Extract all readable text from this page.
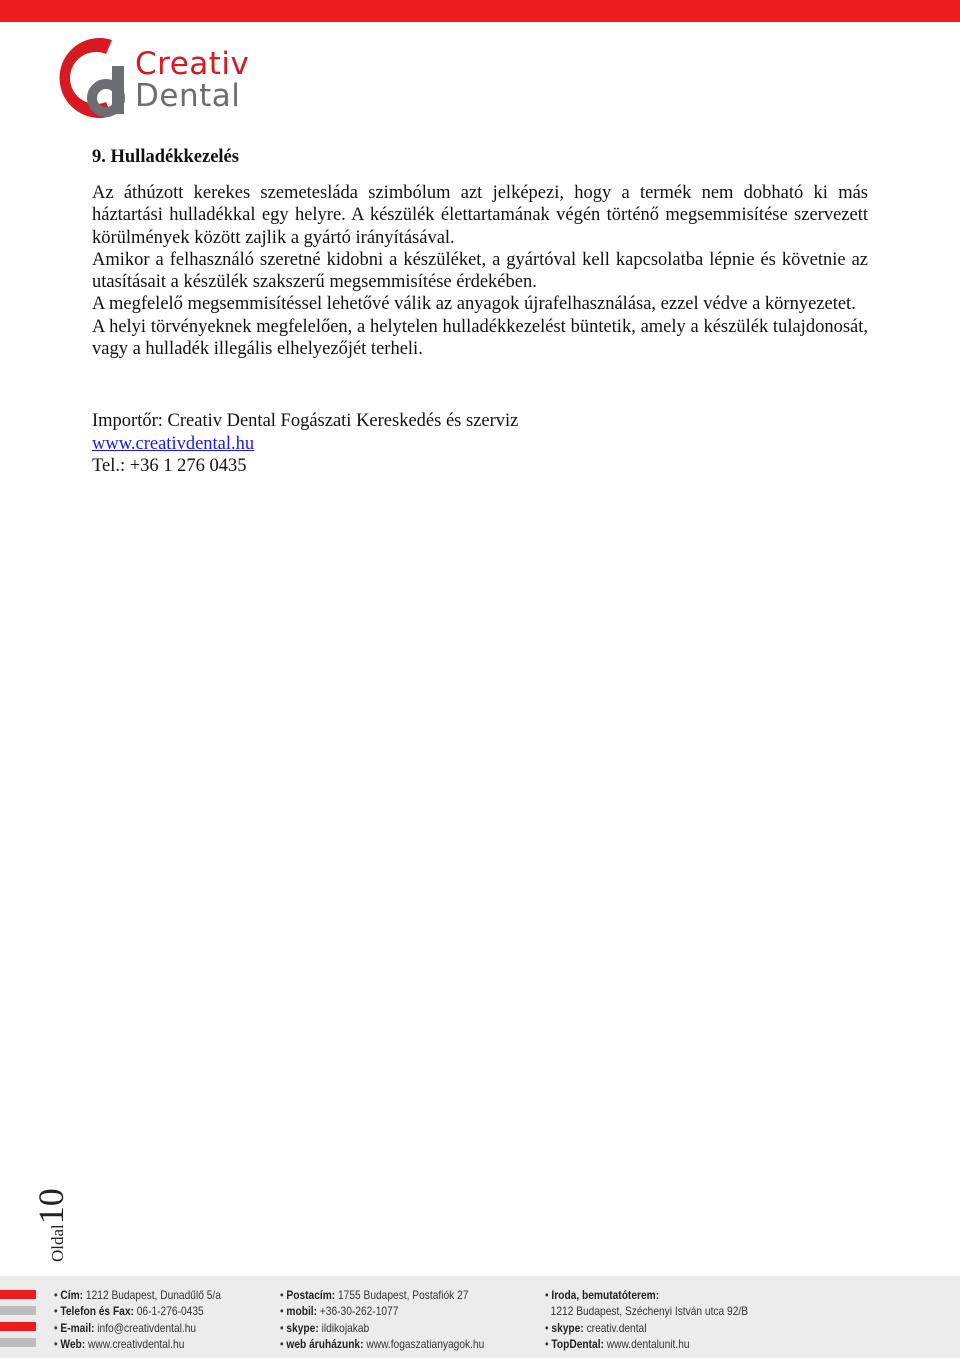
Creativ
Dental
9. Hulladékkezelés

Az áthúzott kerekes szemetesláda szimbólum azt jelképezi, hogy a termék nem dobható ki más háztartási hulladékkal egy helyre. A készülék élettartamának végén történő megsemmisítése szervezett körülmények között zajlik a gyártó irányításával.

Amikor a felhasználó szeretné kidobni a készüléket, a gyártóval kell kapcsolatba lépnie és követnie az utasításait a készülék szakszerű megsemmisítése érdekében.

A megfelelő megsemmisítéssel lehetővé válik az anyagok újrafelhasználása, ezzel védve a környezetet.

A helyi törvényeknek megfelelően, a helytelen hulladékkezelést büntetik, amely a készülék tulajdonosát, vagy a hulladék illegális elhelyezőjét terheli.

Importőr: Creativ Dental Fogászati Kereskedés és szerviz
www.creativdental.hu
Tel.: +36 1 276 0435
Oldal10
• Cím: 1212 Budapest, Dunadűlő 5/a
• Telefon és Fax: 06-1-276-0435
• E-mail: info@creativdental.hu
• Web: www.creativdental.hu
• Postacím: 1755 Budapest, Postafiók 27
• mobil: +36-30-262-1077
• skype: ildikojakab
• web áruházunk: www.fogaszatianyagok.hu
• Iroda, bemutatóterem:
1212 Budapest, Széchenyi István utca 92/B
• skype: creativ.dental
• TopDental: www.dentalunit.hu
